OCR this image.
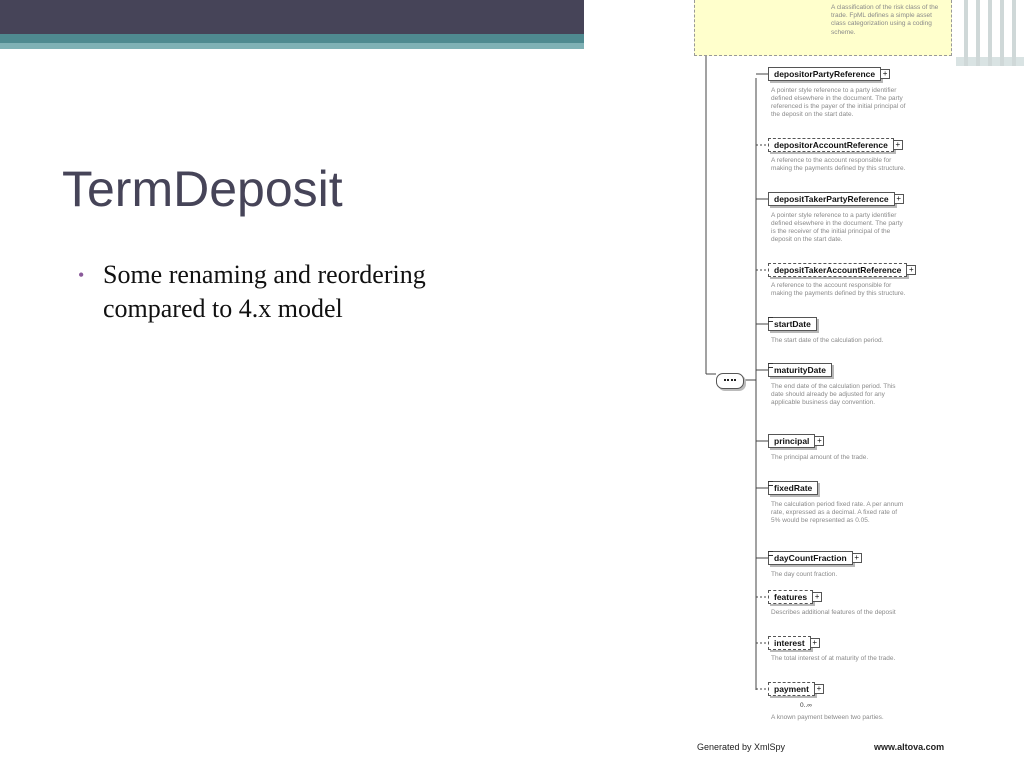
TermDeposit
• Some renaming and reordering compared to 4.x model
A classification of the risk class of the trade. FpML defines a simple asset class categorization using a coding scheme.
depositorPartyReference +
A pointer style reference to a party identifier defined elsewhere in the document. The party referenced is the payer of the initial principal of the deposit on the start date.
depositorAccountReference +
A reference to the account responsible for making the payments defined by this structure.
depositTakerPartyReference +
A pointer style reference to a party identifier defined elsewhere in the document. The party is the receiver of the initial principal of the deposit on the start date.
depositTakerAccountReference +
A reference to the account responsible for making the payments defined by this structure.
startDate
The start date of the calculation period.
maturityDate
The end date of the calculation period. This date should already be adjusted for any applicable business day convention.
principal +
The principal amount of the trade.
fixedRate
The calculation period fixed rate. A per annum rate, expressed as a decimal. A fixed rate of 5% would be represented as 0.05.
dayCountFraction +
The day count fraction.
features +
Describes additional features of the deposit
interest +
The total interest of at maturity of the trade.
payment +
0..∞
A known payment between two parties.
Generated by XmlSpy	www.altova.com
